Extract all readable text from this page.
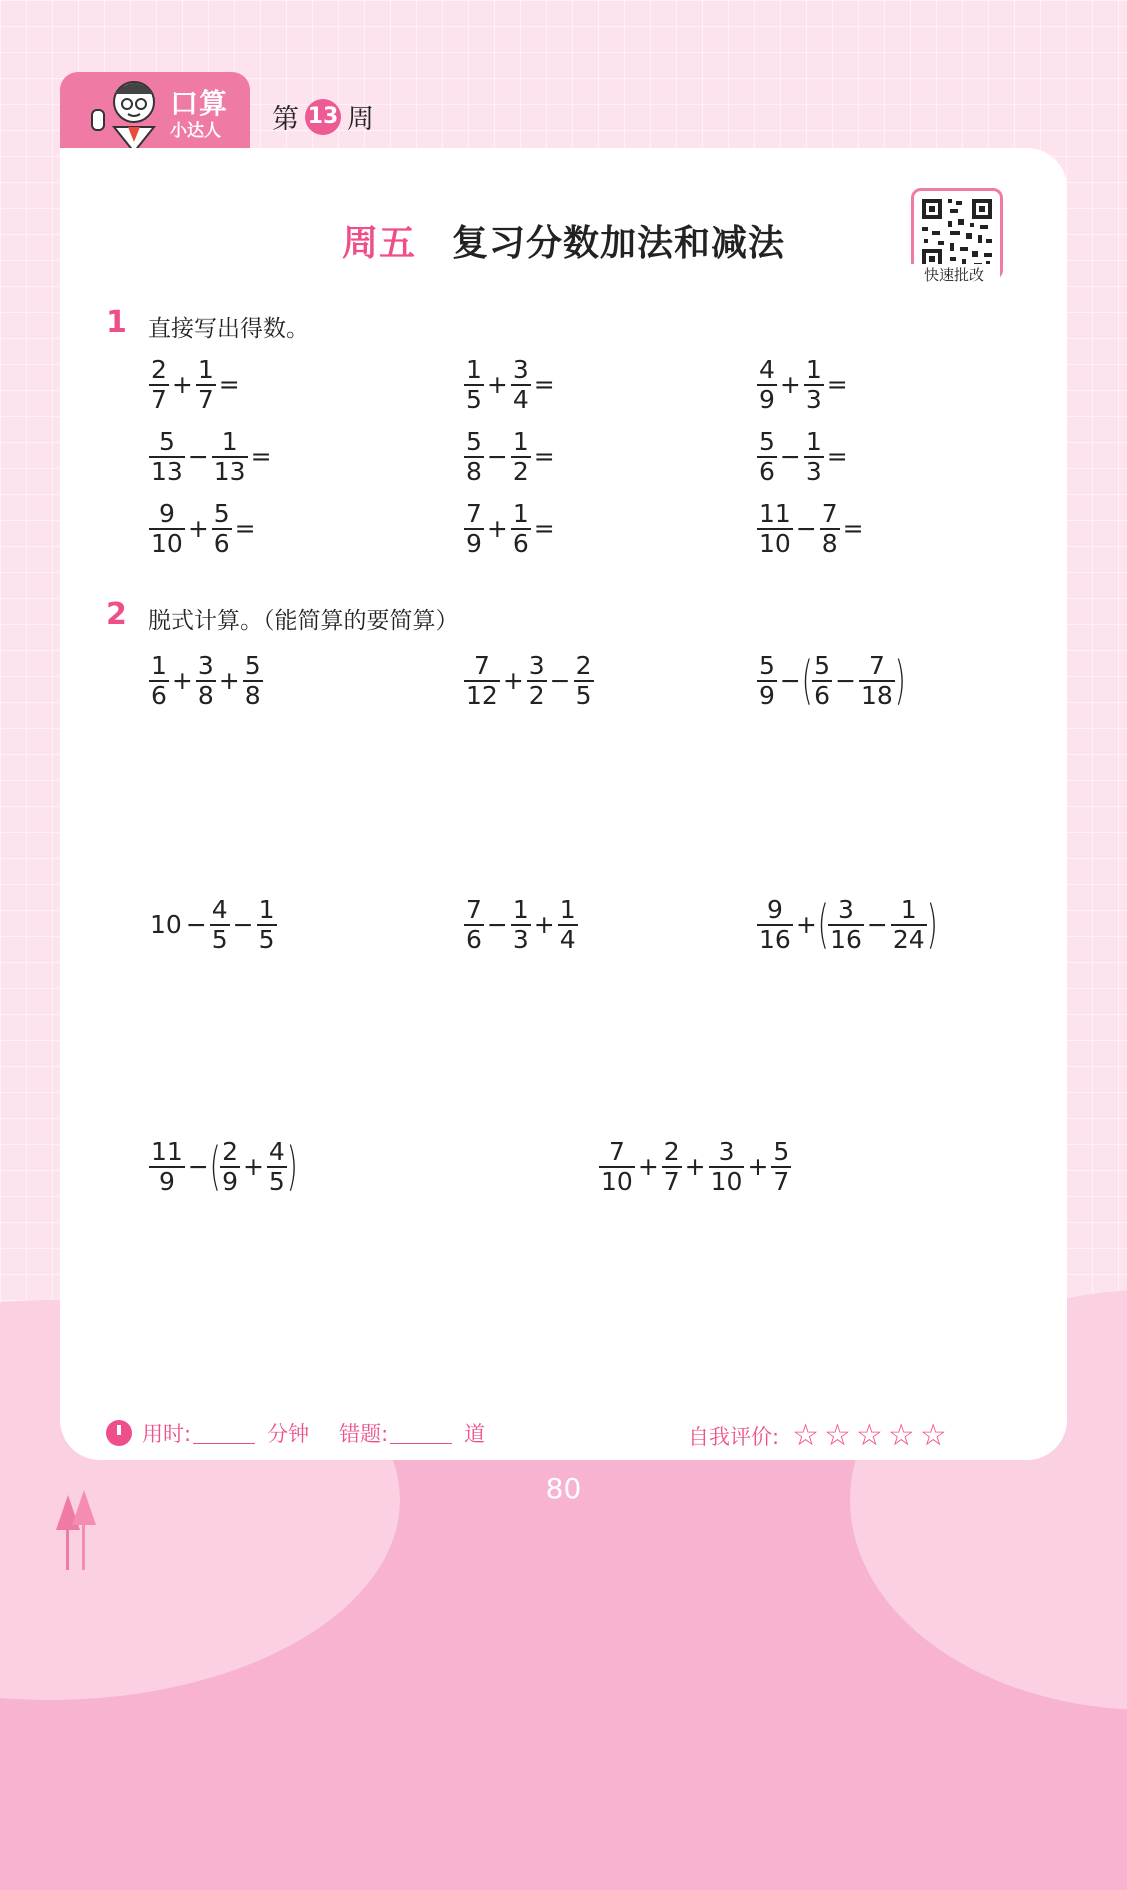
口算
小达人 第 13 周
周五 复习分数加法和减法
快速批改
1 直接写出得数。
$\frac{2}{7} + \frac{1}{7}$ =	$\frac{1}{5} + \frac{3}{4}$ =	$\frac{4}{9} + \frac{1}{3}$ =
$\frac{5}{13} - \frac{1}{13}$ =	$\frac{5}{8} - \frac{1}{2}$ =	$\frac{5}{6} - \frac{1}{3}$ =
$\frac{9}{10} + \frac{5}{6}$ =	$\frac{7}{9} + \frac{1}{6}$ =	$\frac{11}{10} - \frac{7}{8}$ =
2 脱式计算。（能简算的要简算）
$\frac{1}{6} + \frac{3}{8} + \frac{5}{8}$	$\frac{7}{12} + \frac{3}{2} - \frac{2}{5}$	$\frac{5}{9}$ − ( $\frac{5}{6} - \frac{7}{18}$ )
$10 - \frac{4}{5} - \frac{1}{5}$	$\frac{7}{6} - \frac{1}{3} + \frac{1}{4}$	$\frac{9}{16}$ + ( $\frac{3}{16} - \frac{1}{24}$ )
$\frac{11}{9}$ − ( $\frac{2}{9} + \frac{4}{5}$ )	$\frac{7}{10} + \frac{2}{7} + \frac{3}{10} + \frac{5}{7}$
用时:	分钟 错题:	道	自我评价: ☆ ☆ ☆ ☆ ☆
80
